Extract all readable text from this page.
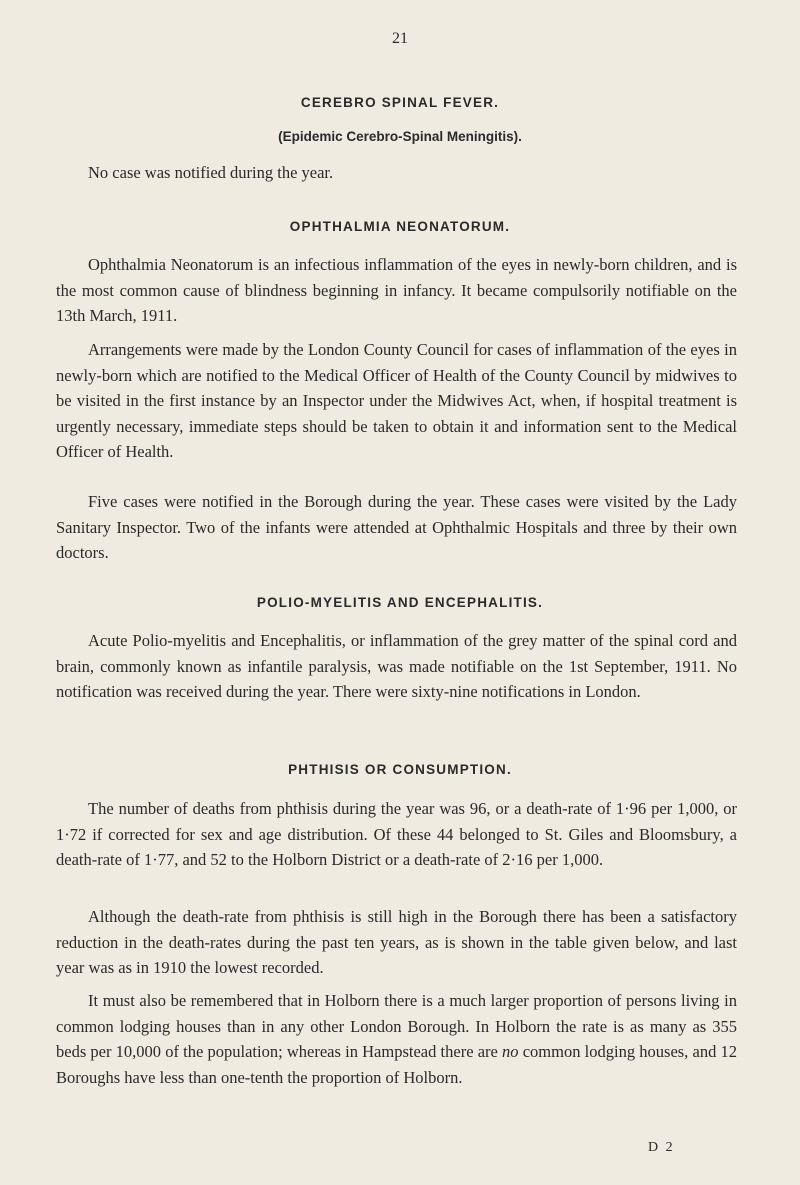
21
CEREBRO SPINAL FEVER.
(Epidemic Cerebro-Spinal Meningitis).

No case was notified during the year.

OPHTHALMIA NEONATORUM.

Ophthalmia Neonatorum is an infectious inflammation of the eyes in newly-born children, and is the most common cause of blindness beginning in infancy. It became compulsorily notifiable on the 13th March, 1911.

Arrangements were made by the London County Council for cases of inflammation of the eyes in newly-born which are notified to the Medical Officer of Health of the County Council by midwives to be visited in the first instance by an Inspector under the Midwives Act, when, if hospital treatment is urgently necessary, immediate steps should be taken to obtain it and information sent to the Medical Officer of Health.

Five cases were notified in the Borough during the year. These cases were visited by the Lady Sanitary Inspector. Two of the infants were attended at Ophthalmic Hospitals and three by their own doctors.

POLIO-MYELITIS AND ENCEPHALITIS.

Acute Polio-myelitis and Encephalitis, or inflammation of the grey matter of the spinal cord and brain, commonly known as infantile paralysis, was made notifiable on the 1st September, 1911. No notification was received during the year. There were sixty-nine notifications in London.

PHTHISIS OR CONSUMPTION.

The number of deaths from phthisis during the year was 96, or a death-rate of 1·96 per 1,000, or 1·72 if corrected for sex and age distribution. Of these 44 belonged to St. Giles and Bloomsbury, a death-rate of 1·77, and 52 to the Holborn District or a death-rate of 2·16 per 1,000.

Although the death-rate from phthisis is still high in the Borough there has been a satisfactory reduction in the death-rates during the past ten years, as is shown in the table given below, and last year was as in 1910 the lowest recorded.

It must also be remembered that in Holborn there is a much larger proportion of persons living in common lodging houses than in any other London Borough. In Holborn the rate is as many as 355 beds per 10,000 of the population; whereas in Hampstead there are no common lodging houses, and 12 Boroughs have less than one-tenth the proportion of Holborn.

D 2
